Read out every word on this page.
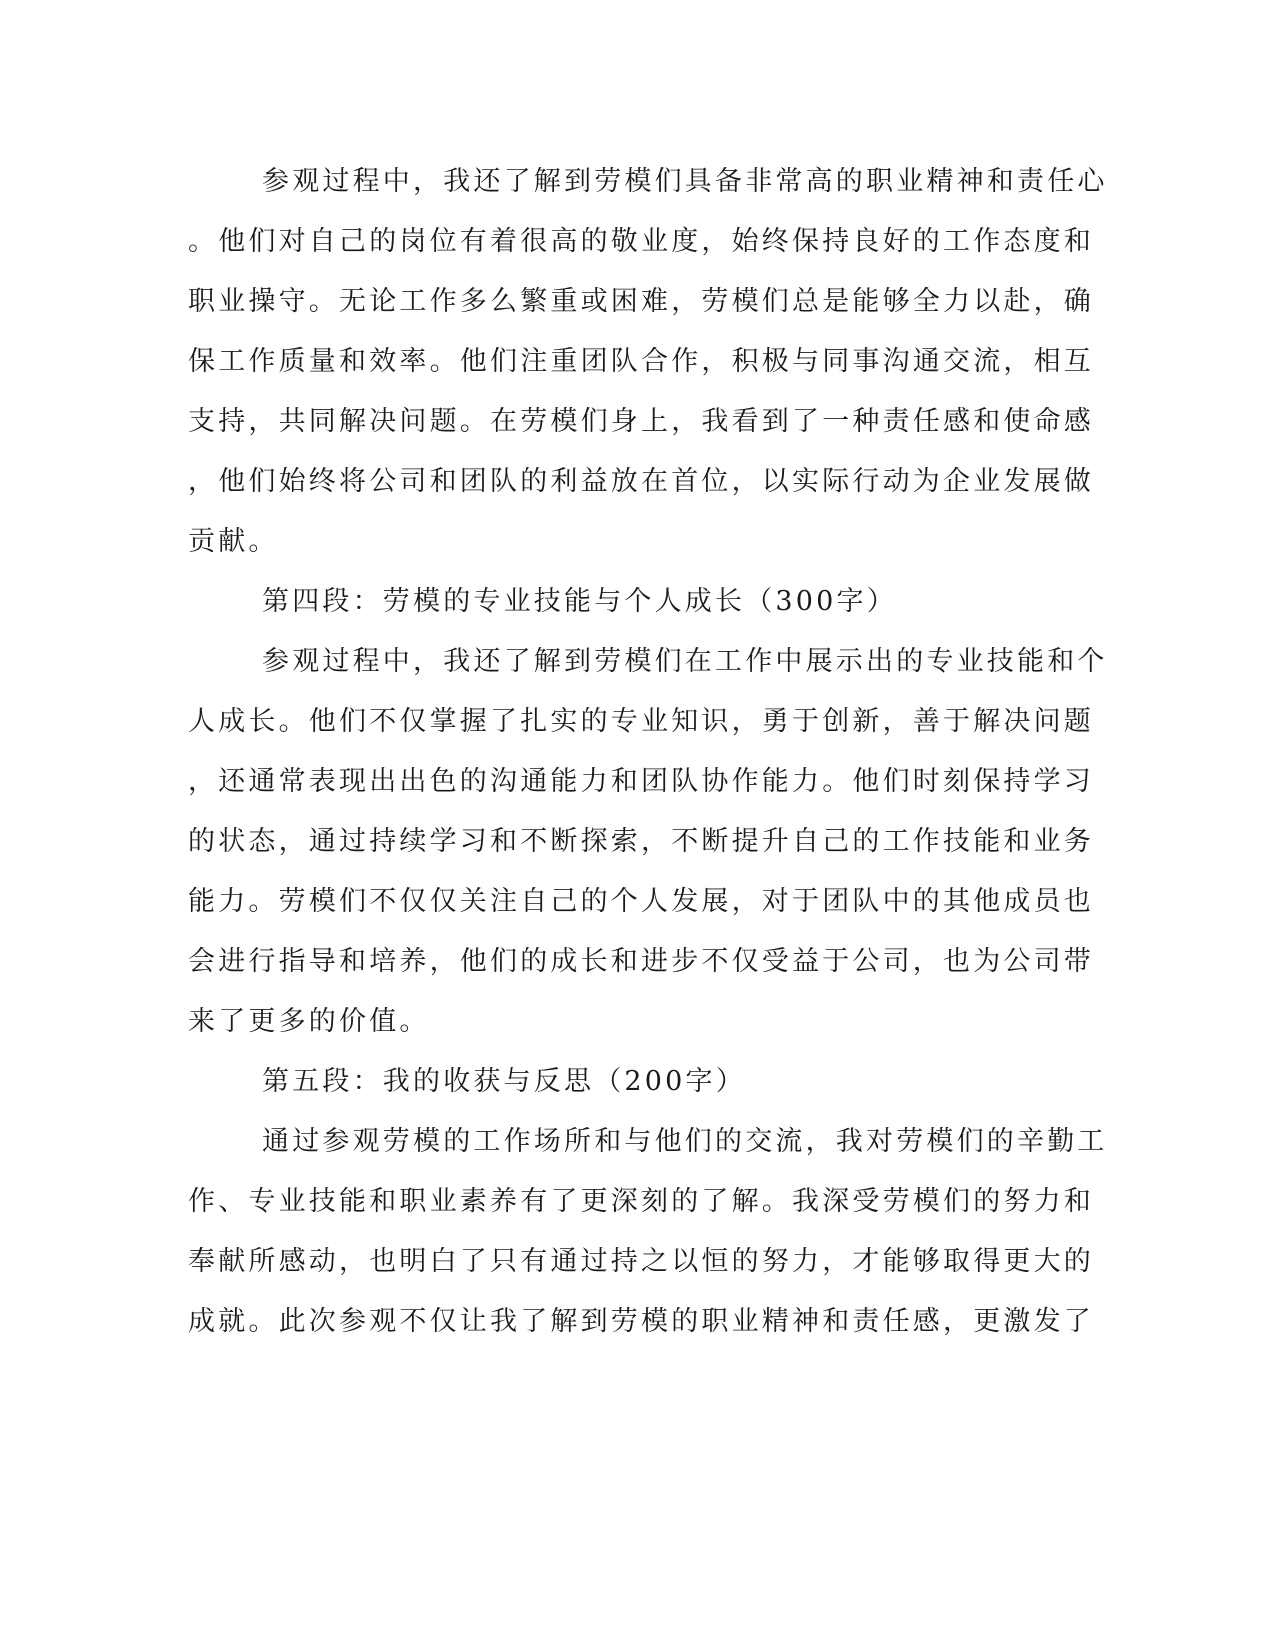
参观过程中，我还了解到劳模们具备非常高的职业精神和责任心
。他们对自己的岗位有着很高的敬业度，始终保持良好的工作态度和
职业操守。无论工作多么繁重或困难，劳模们总是能够全力以赴，确
保工作质量和效率。他们注重团队合作，积极与同事沟通交流，相互
支持，共同解决问题。在劳模们身上，我看到了一种责任感和使命感
，他们始终将公司和团队的利益放在首位，以实际行动为企业发展做
贡献。
第四段：劳模的专业技能与个人成长（300字）
参观过程中，我还了解到劳模们在工作中展示出的专业技能和个
人成长。他们不仅掌握了扎实的专业知识，勇于创新，善于解决问题
，还通常表现出出色的沟通能力和团队协作能力。他们时刻保持学习
的状态，通过持续学习和不断探索，不断提升自己的工作技能和业务
能力。劳模们不仅仅关注自己的个人发展，对于团队中的其他成员也
会进行指导和培养，他们的成长和进步不仅受益于公司，也为公司带
来了更多的价值。
第五段：我的收获与反思（200字）
通过参观劳模的工作场所和与他们的交流，我对劳模们的辛勤工
作、专业技能和职业素养有了更深刻的了解。我深受劳模们的努力和
奉献所感动，也明白了只有通过持之以恒的努力，才能够取得更大的
成就。此次参观不仅让我了解到劳模的职业精神和责任感，更激发了
